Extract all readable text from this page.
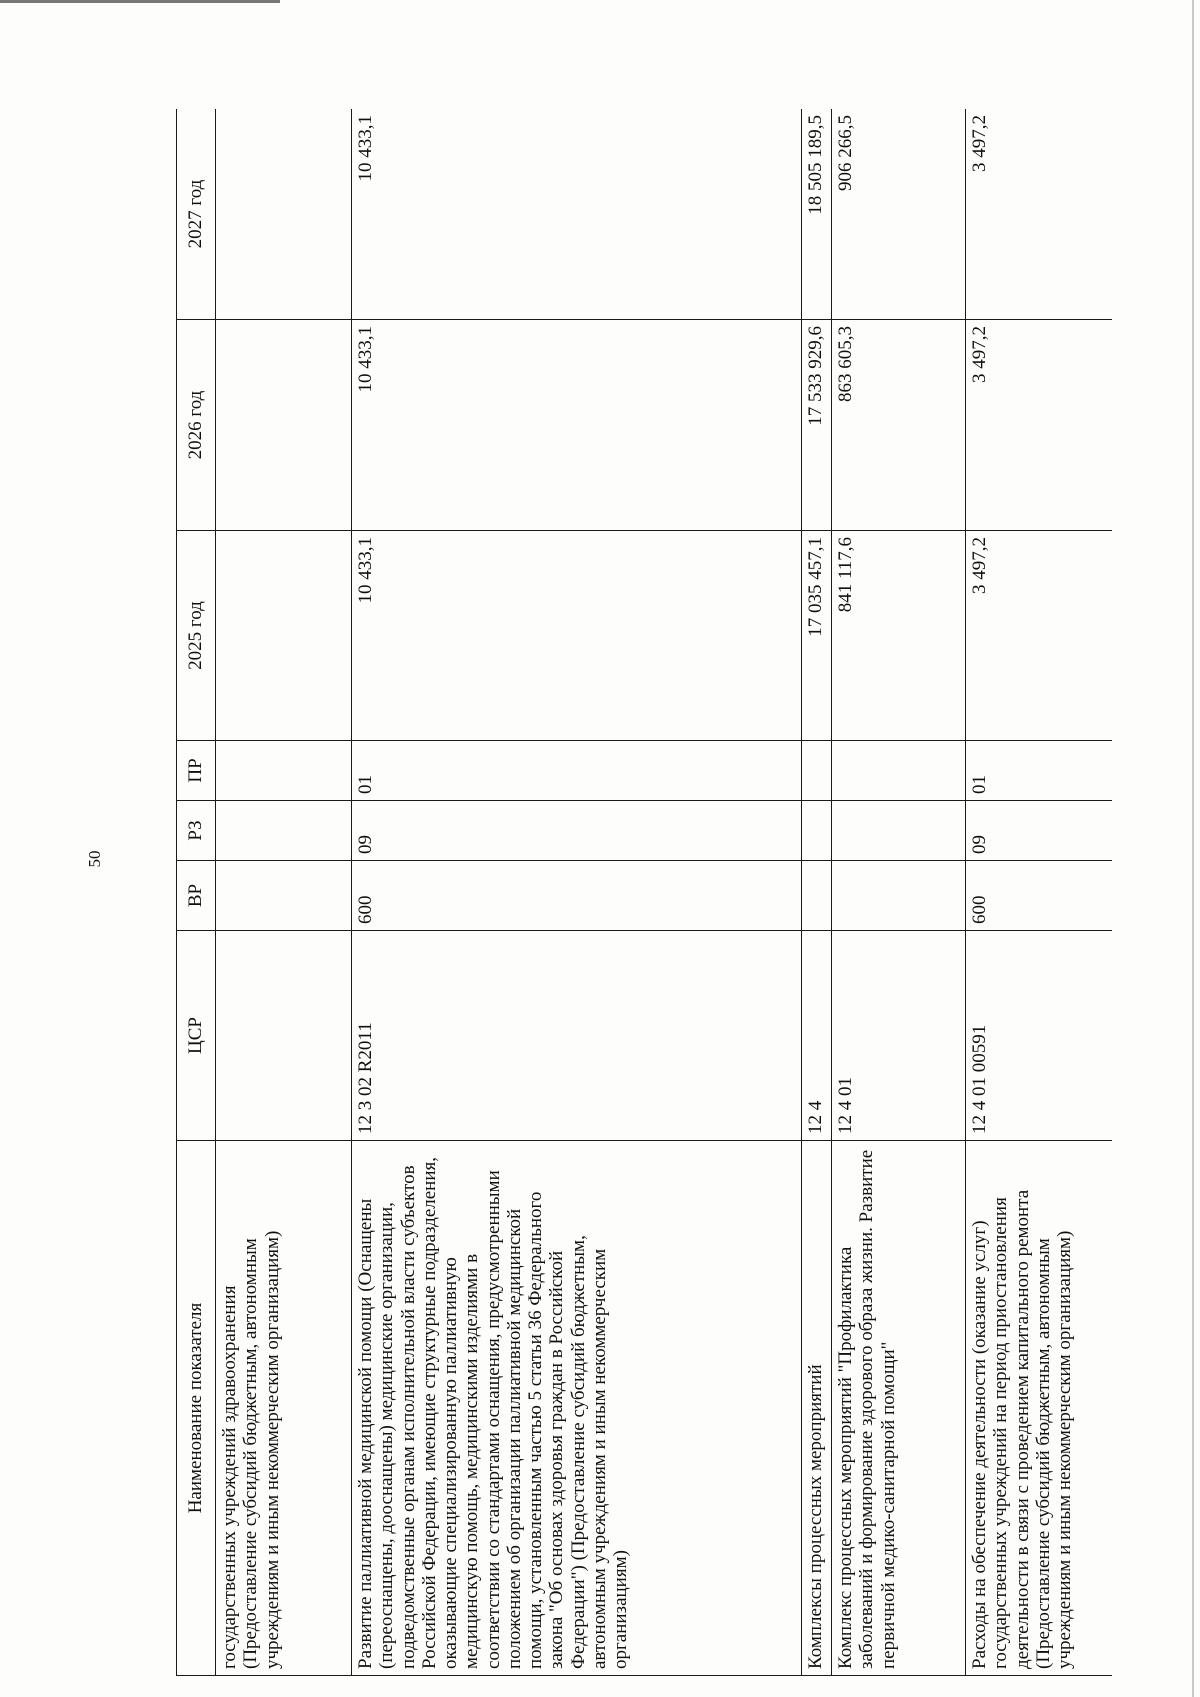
50
Наименование показателя	ЦСР	ВР	РЗ	ПР	2025 год	2026 год	2027 год
государственных учреждений здравоохранения (Предоставление субсидий бюджетным, автономным учреждениям и иным некоммерческим организациям)							
Развитие паллиативной медицинской помощи (Оснащены (переоснащены, дооснащены) медицинские организации, подведомственные органам исполнительной власти субъектов Российской Федерации, имеющие структурные подразделения, оказывающие специализированную паллиативную медицинскую помощь, медицинскими изделиями в соответствии со стандартами оснащения, предусмотренными положением об организации паллиативной медицинской помощи, установленным частью 5 статьи 36 Федерального закона "Об основах здоровья граждан в Российской Федерации") (Предоставление субсидий бюджетным, автономным учреждениям и иным некоммерческим организациям)	12 3 02 R2011	600	09	01	10 433,1	10 433,1	10 433,1
Комплексы процессных мероприятий	12 4				17 035 457,1	17 533 929,6	18 505 189,5
Комплекс процессных мероприятий "Профилактика заболеваний и формирование здорового образа жизни. Развитие первичной медико-санитарной помощи"	12 4 01				841 117,6	863 605,3	906 266,5
Расходы на обеспечение деятельности (оказание услуг) государственных учреждений на период приостановления деятельности в связи с проведением капитального ремонта (Предоставление субсидий бюджетным, автономным учреждениям и иным некоммерческим организациям)	12 4 01 00591	600	09	01	3 497,2	3 497,2	3 497,2
